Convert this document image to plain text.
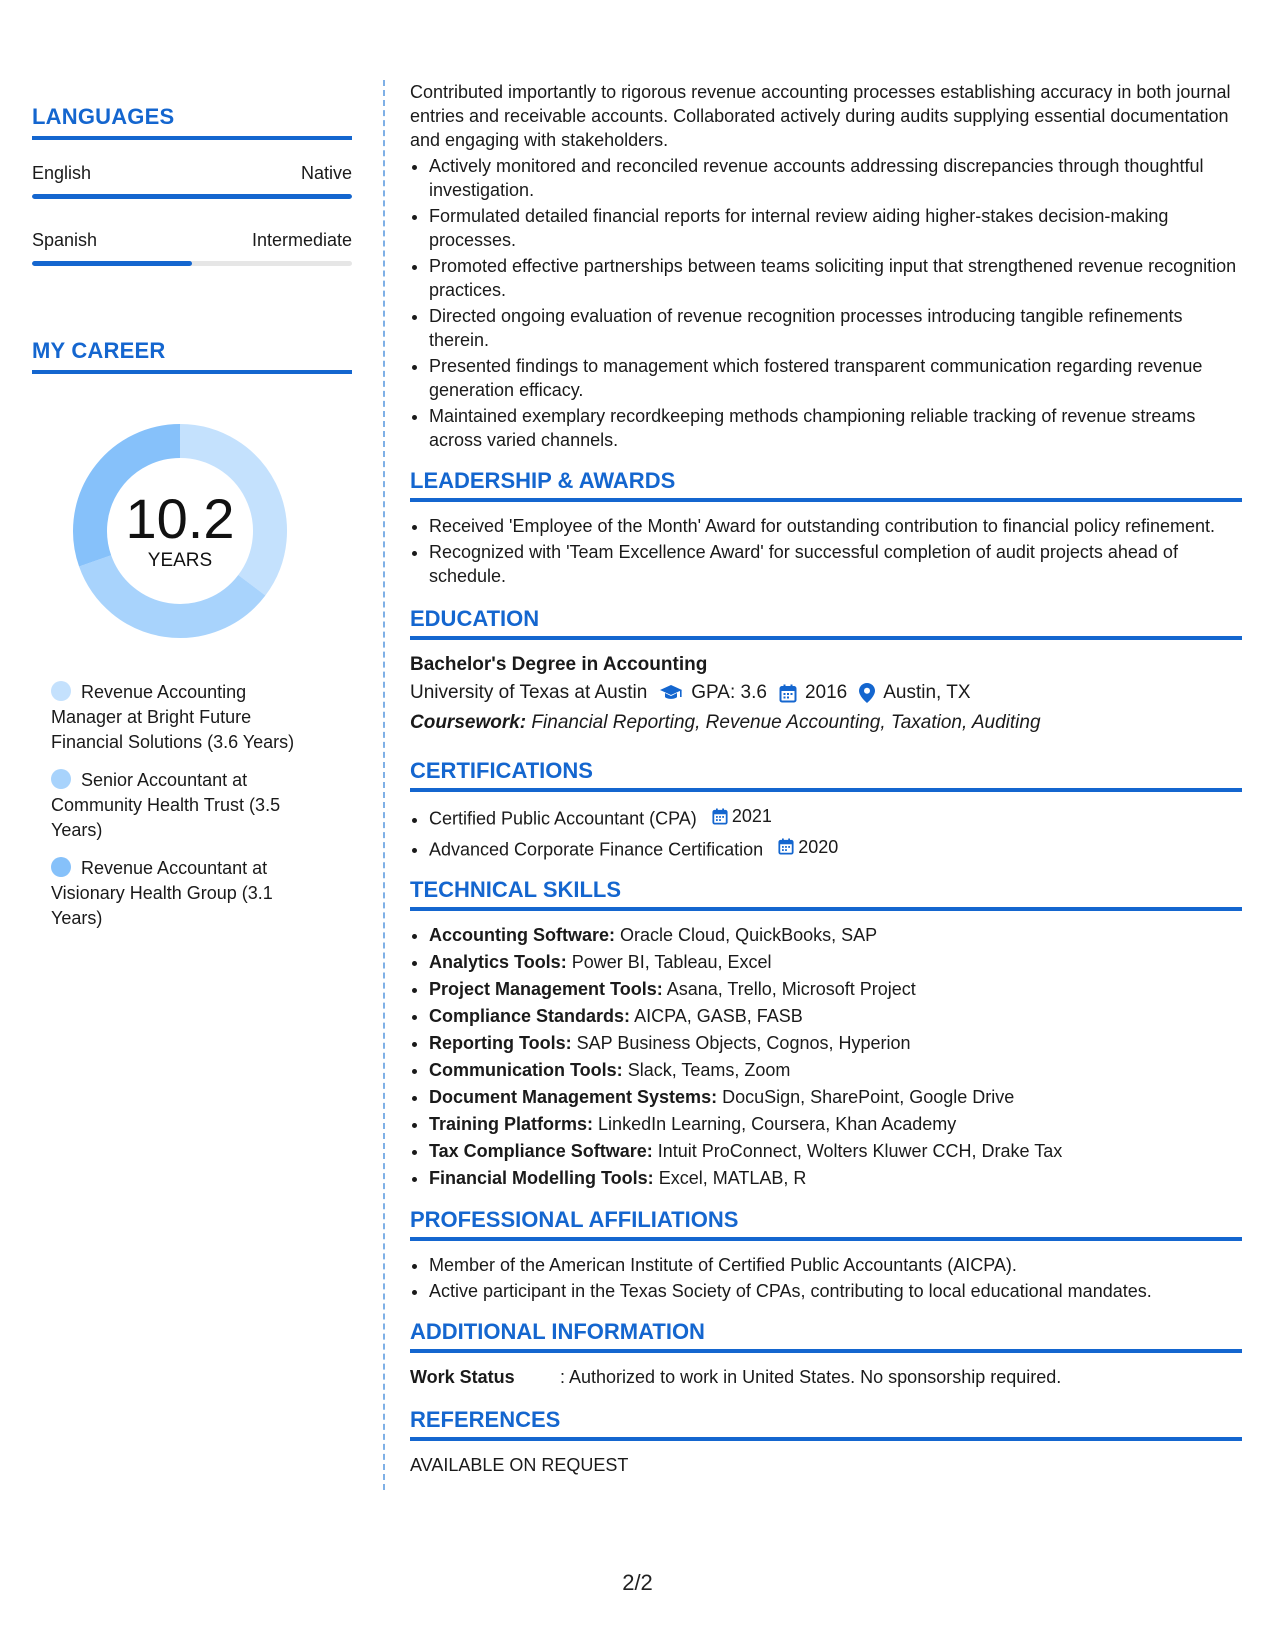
LANGUAGES
English	Native
Spanish	Intermediate
MY CAREER
10.2
YEARS
Revenue Accounting Manager at Bright Future Financial Solutions (3.6 Years)
Senior Accountant at Community Health Trust (3.5 Years)
Revenue Accountant at Visionary Health Group (3.1 Years)

Contributed importantly to rigorous revenue accounting processes establishing accuracy in both journal entries and receivable accounts. Collaborated actively during audits supplying essential documentation and engaging with stakeholders.

• Actively monitored and reconciled revenue accounts addressing discrepancies through thoughtful investigation.
• Formulated detailed financial reports for internal review aiding higher-stakes decision-making processes.
• Promoted effective partnerships between teams soliciting input that strengthened revenue recognition practices.
• Directed ongoing evaluation of revenue recognition processes introducing tangible refinements therein.
• Presented findings to management which fostered transparent communication regarding revenue generation efficacy.
• Maintained exemplary recordkeeping methods championing reliable tracking of revenue streams across varied channels.
LEADERSHIP & AWARDS
• Received 'Employee of the Month' Award for outstanding contribution to financial policy refinement.
• Recognized with 'Team Excellence Award' for successful completion of audit projects ahead of schedule.
EDUCATION
Bachelor's Degree in Accounting
University of Texas at Austin GPA: 3.6 2016 Austin, TX
Coursework: Financial Reporting, Revenue Accounting, Taxation, Auditing
CERTIFICATIONS
• Certified Public Accountant (CPA) 2021
• Advanced Corporate Finance Certification 2020
TECHNICAL SKILLS
• Accounting Software: Oracle Cloud, QuickBooks, SAP
• Analytics Tools: Power BI, Tableau, Excel
• Project Management Tools: Asana, Trello, Microsoft Project
• Compliance Standards: AICPA, GASB, FASB
• Reporting Tools: SAP Business Objects, Cognos, Hyperion
• Communication Tools: Slack, Teams, Zoom
• Document Management Systems: DocuSign, SharePoint, Google Drive
• Training Platforms: LinkedIn Learning, Coursera, Khan Academy
• Tax Compliance Software: Intuit ProConnect, Wolters Kluwer CCH, Drake Tax
• Financial Modelling Tools: Excel, MATLAB, R
PROFESSIONAL AFFILIATIONS
• Member of the American Institute of Certified Public Accountants (AICPA).
• Active participant in the Texas Society of CPAs, contributing to local educational mandates.
ADDITIONAL INFORMATION
Work Status	: Authorized to work in United States. No sponsorship required.
REFERENCES
AVAILABLE ON REQUEST
2/2
